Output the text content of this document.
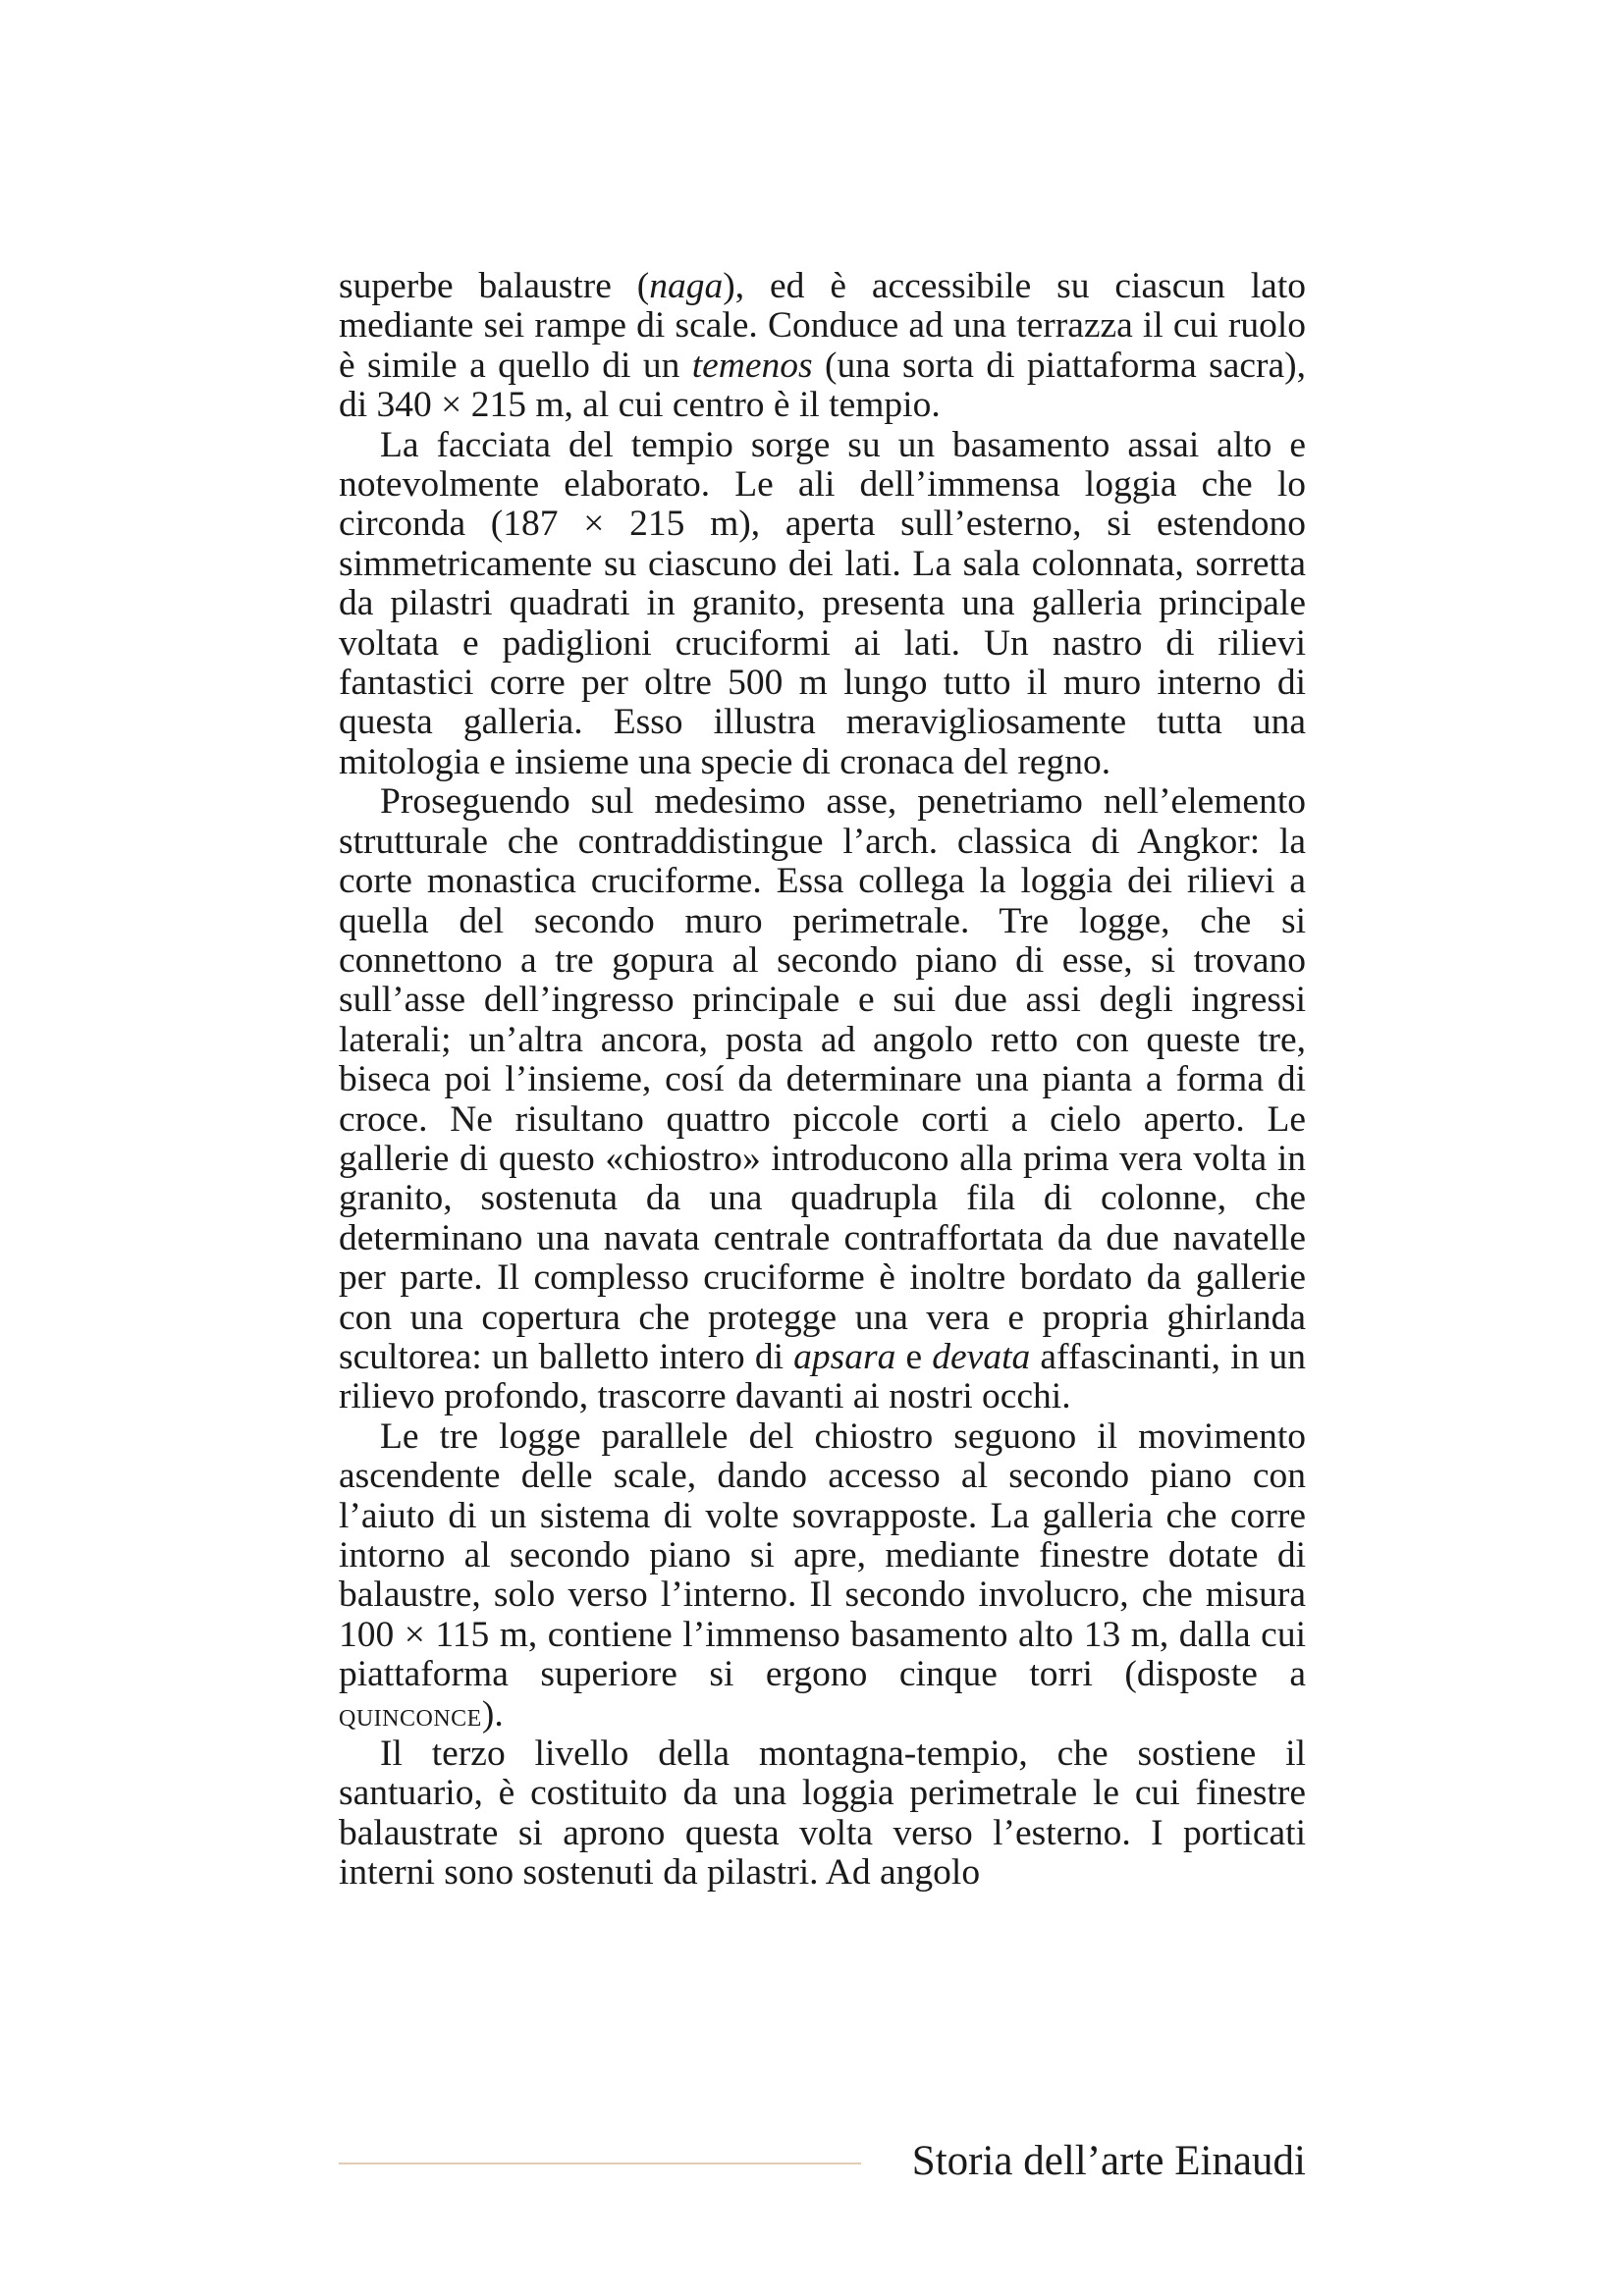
superbe balaustre (naga), ed è accessibile su ciascun lato mediante sei rampe di scale. Conduce ad una terrazza il cui ruolo è simile a quello di un temenos (una sorta di piattaforma sacra), di 340 × 215 m, al cui centro è il tempio.

La facciata del tempio sorge su un basamento assai alto e notevolmente elaborato. Le ali dell’immensa loggia che lo circonda (187 × 215 m), aperta sull’esterno, si estendono simmetricamente su ciascuno dei lati. La sala colonnata, sorretta da pilastri quadrati in granito, presenta una galleria principale voltata e padiglioni cruciformi ai lati. Un nastro di rilievi fantastici corre per oltre 500 m lungo tutto il muro interno di questa galleria. Esso illustra meravigliosamente tutta una mitologia e insieme una specie di cronaca del regno.

Proseguendo sul medesimo asse, penetriamo nell’elemento strutturale che contraddistingue l’arch. classica di Angkor: la corte monastica cruciforme. Essa collega la loggia dei rilievi a quella del secondo muro perimetrale. Tre logge, che si connettono a tre gopura al secondo piano di esse, si trovano sull’asse dell’ingresso principale e sui due assi degli ingressi laterali; un’altra ancora, posta ad angolo retto con queste tre, biseca poi l’insieme, cosí da determinare una pianta a forma di croce. Ne risultano quattro piccole corti a cielo aperto. Le gallerie di questo «chiostro» introducono alla prima vera volta in granito, sostenuta da una quadrupla fila di colonne, che determinano una navata centrale contraffortata da due navatelle per parte. Il complesso cruciforme è inoltre bordato da gallerie con una copertura che protegge una vera e propria ghirlanda scultorea: un balletto intero di apsara e devata affascinanti, in un rilievo profondo, trascorre davanti ai nostri occhi.

Le tre logge parallele del chiostro seguono il movimento ascendente delle scale, dando accesso al secondo piano con l’aiuto di un sistema di volte sovrapposte. La galleria che corre intorno al secondo piano si apre, mediante finestre dotate di balaustre, solo verso l’interno. Il secondo involucro, che misura 100 × 115 m, contiene l’immenso basamento alto 13 m, dalla cui piattaforma superiore si ergono cinque torri (disposte a quinconce).

Il terzo livello della montagna-tempio, che sostiene il santuario, è costituito da una loggia perimetrale le cui finestre balaustrate si aprono questa volta verso l’esterno. I porticati interni sono sostenuti da pilastri. Ad angolo

Storia dell’arte Einaudi
